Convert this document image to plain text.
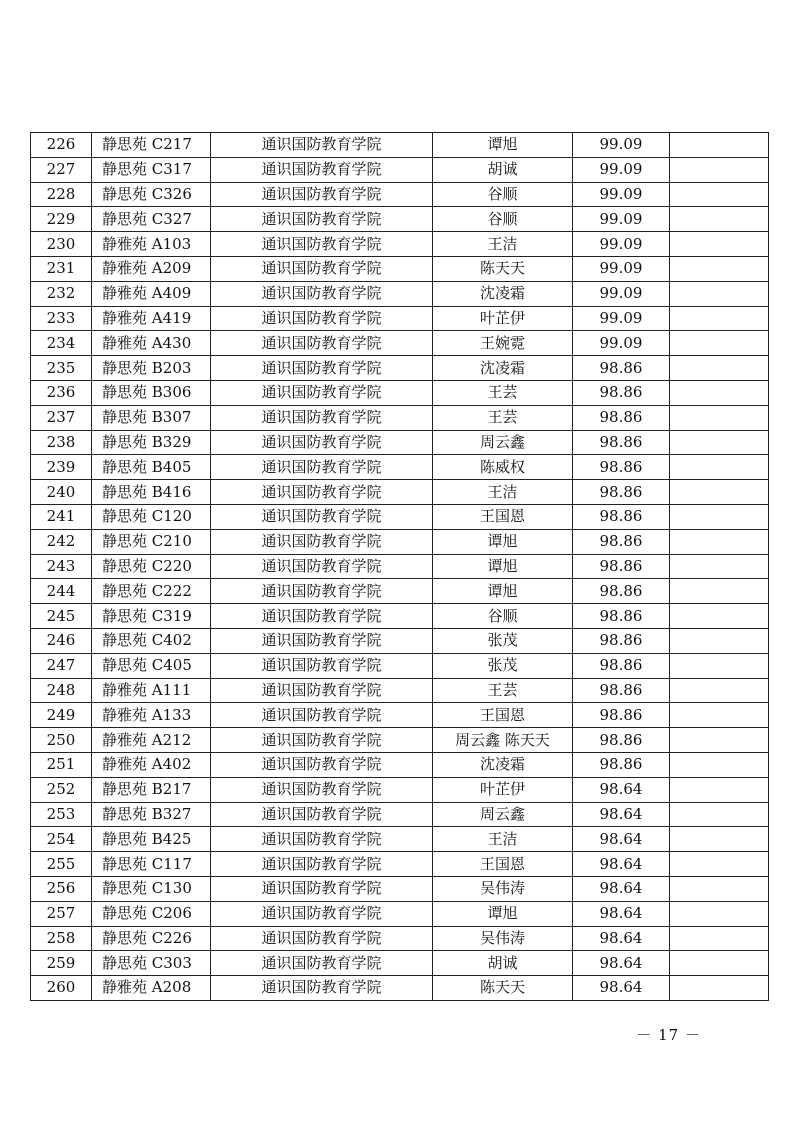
226	静思苑 C217	通识国防教育学院	谭旭	99.09	
227	静思苑 C317	通识国防教育学院	胡诚	99.09	
228	静思苑 C326	通识国防教育学院	谷顺	99.09	
229	静思苑 C327	通识国防教育学院	谷顺	99.09	
230	静雅苑 A103	通识国防教育学院	王洁	99.09	
231	静雅苑 A209	通识国防教育学院	陈天天	99.09	
232	静雅苑 A409	通识国防教育学院	沈凌霜	99.09	
233	静雅苑 A419	通识国防教育学院	叶芷伊	99.09	
234	静雅苑 A430	通识国防教育学院	王婉霓	99.09	
235	静思苑 B203	通识国防教育学院	沈凌霜	98.86	
236	静思苑 B306	通识国防教育学院	王芸	98.86	
237	静思苑 B307	通识国防教育学院	王芸	98.86	
238	静思苑 B329	通识国防教育学院	周云鑫	98.86	
239	静思苑 B405	通识国防教育学院	陈威权	98.86	
240	静思苑 B416	通识国防教育学院	王洁	98.86	
241	静思苑 C120	通识国防教育学院	王国恩	98.86	
242	静思苑 C210	通识国防教育学院	谭旭	98.86	
243	静思苑 C220	通识国防教育学院	谭旭	98.86	
244	静思苑 C222	通识国防教育学院	谭旭	98.86	
245	静思苑 C319	通识国防教育学院	谷顺	98.86	
246	静思苑 C402	通识国防教育学院	张茂	98.86	
247	静思苑 C405	通识国防教育学院	张茂	98.86	
248	静雅苑 A111	通识国防教育学院	王芸	98.86	
249	静雅苑 A133	通识国防教育学院	王国恩	98.86	
250	静雅苑 A212	通识国防教育学院	周云鑫 陈天天	98.86	
251	静雅苑 A402	通识国防教育学院	沈凌霜	98.86	
252	静思苑 B217	通识国防教育学院	叶芷伊	98.64	
253	静思苑 B327	通识国防教育学院	周云鑫	98.64	
254	静思苑 B425	通识国防教育学院	王洁	98.64	
255	静思苑 C117	通识国防教育学院	王国恩	98.64	
256	静思苑 C130	通识国防教育学院	吴伟涛	98.64	
257	静思苑 C206	通识国防教育学院	谭旭	98.64	
258	静思苑 C226	通识国防教育学院	吴伟涛	98.64	
259	静思苑 C303	通识国防教育学院	胡诚	98.64	
260	静雅苑 A208	通识国防教育学院	陈天天	98.64	
－ 17 －
